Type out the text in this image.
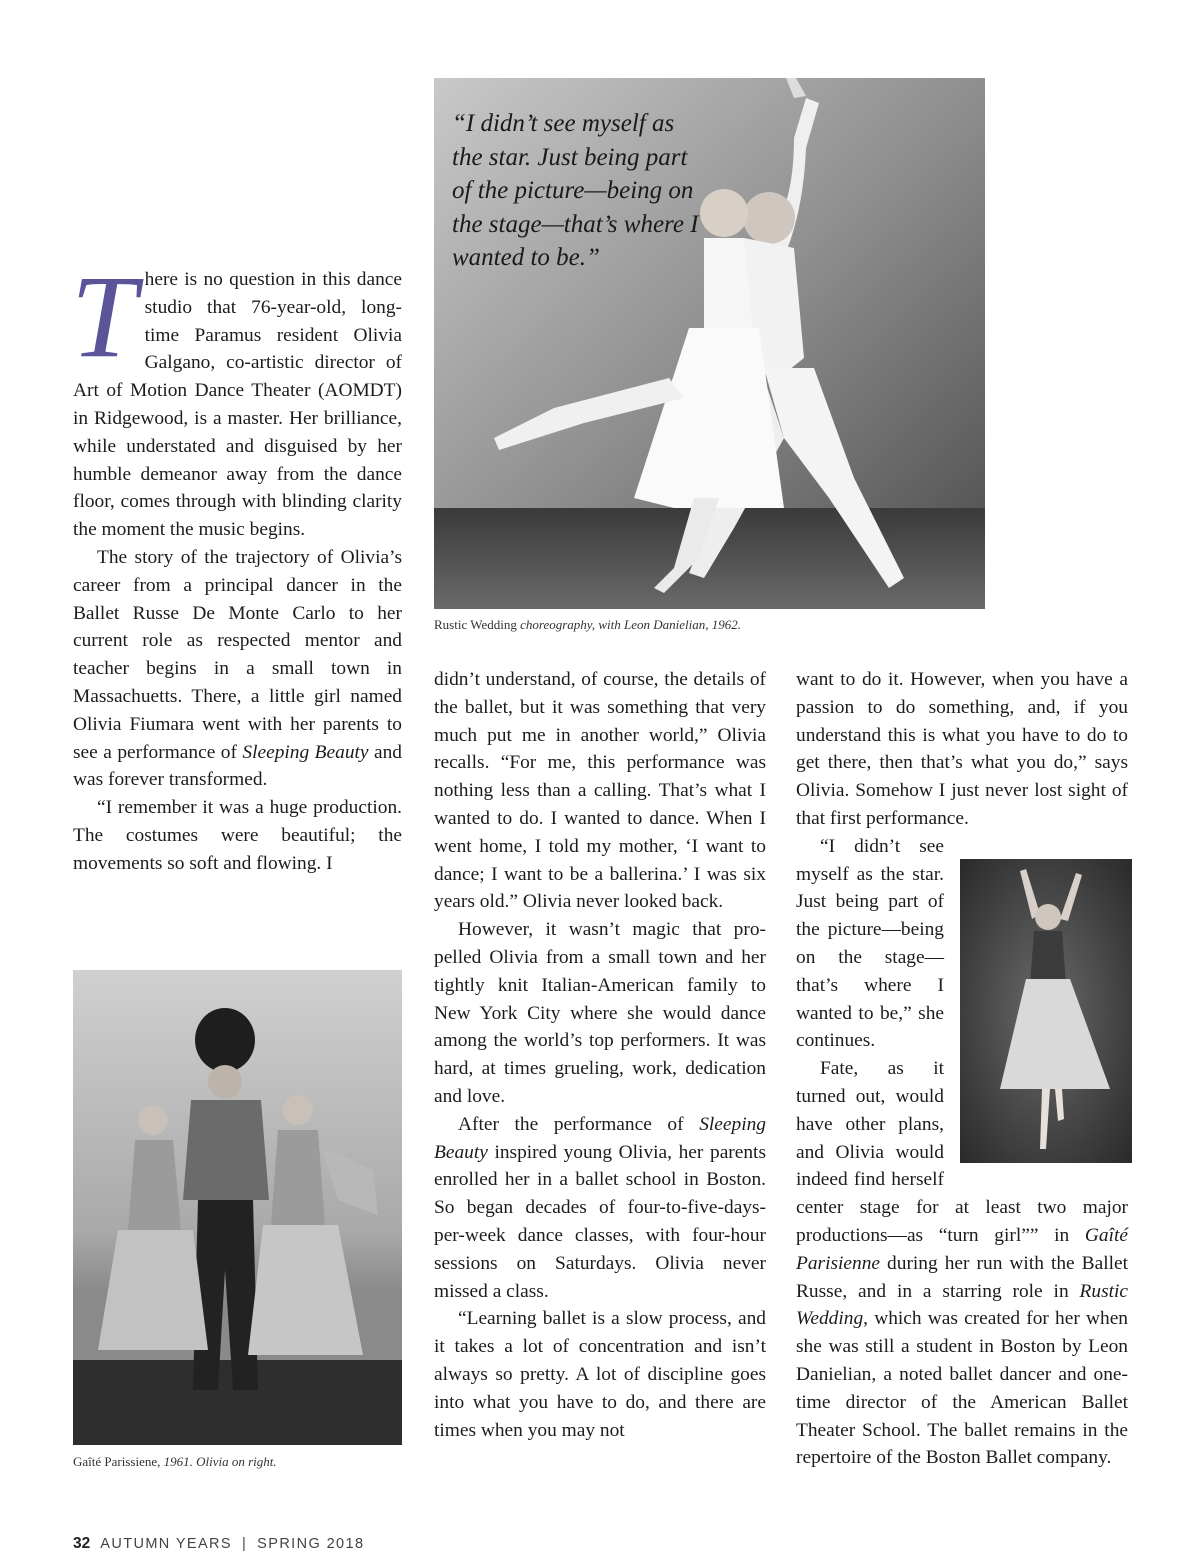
“I didn’t see myself as the star. Just being part of the picture—being on the stage—that’s where I wanted to be.”
Rustic Wedding choreography, with Leon Danielian, 1962.

There is no question in this dance studio that 76-year-old, long-time Paramus resident Olivia Galgano, co-artistic director of Art of Motion Dance Theater (AOMDT) in Ridgewood, is a master. Her brilliance, while understated and disguised by her humble demeanor away from the dance floor, comes through with blinding clarity the moment the music begins.

The story of the trajectory of Olivia’s career from a principal dancer in the Ballet Russe De Monte Carlo to her current role as respected mentor and teacher begins in a small town in Massachuetts. There, a little girl named Olivia Fiumara went with her parents to see a performance of Sleeping Beauty and was forever transformed.

“I remember it was a huge production. The costumes were beautiful; the movements so soft and flowing. I

Gaîté Parissiene, 1961. Olivia on right.

didn’t understand, of course, the details of the ballet, but it was something that very much put me in another world,” Olivia recalls. “For me, this performance was nothing less than a calling. That’s what I wanted to do. I wanted to dance. When I went home, I told my mother, ‘I want to dance; I want to be a ballerina.’ I was six years old.” Olivia never looked back.

However, it wasn’t magic that propelled Olivia from a small town and her tightly knit Italian-American family to New York City where she would dance among the world’s top performers. It was hard, at times grueling, work, dedication and love.

After the performance of Sleeping Beauty inspired young Olivia, her parents enrolled her in a ballet school in Boston. So began decades of four-to-five-days-per-week dance classes, with four-hour sessions on Saturdays. Olivia never missed a class.

“Learning ballet is a slow process, and it takes a lot of concentration and isn’t always so pretty. A lot of discipline goes into what you have to do, and there are times when you may not

want to do it. However, when you have a passion to do something, and, if you understand this is what you have to do to get there, then that’s what you do,” says Olivia. Somehow I just never lost sight of that first performance.

“I didn’t see myself as the star. Just being part of the picture—being on the stage—that’s where I wanted to be,” she continues.

Fate, as it turned out, would have other plans, and Olivia would indeed find herself center stage for at least two major productions—as “turn girl”” in Gaîté Parisienne during her run with the Ballet Russe, and in a starring role in Rustic Wedding, which was created for her when she was still a student in Boston by Leon Danielian, a noted ballet dancer and one-time director of the American Ballet Theater School. The ballet remains in the repertoire of the Boston Ballet company.

32 AUTUMN YEARS | SPRING 2018
